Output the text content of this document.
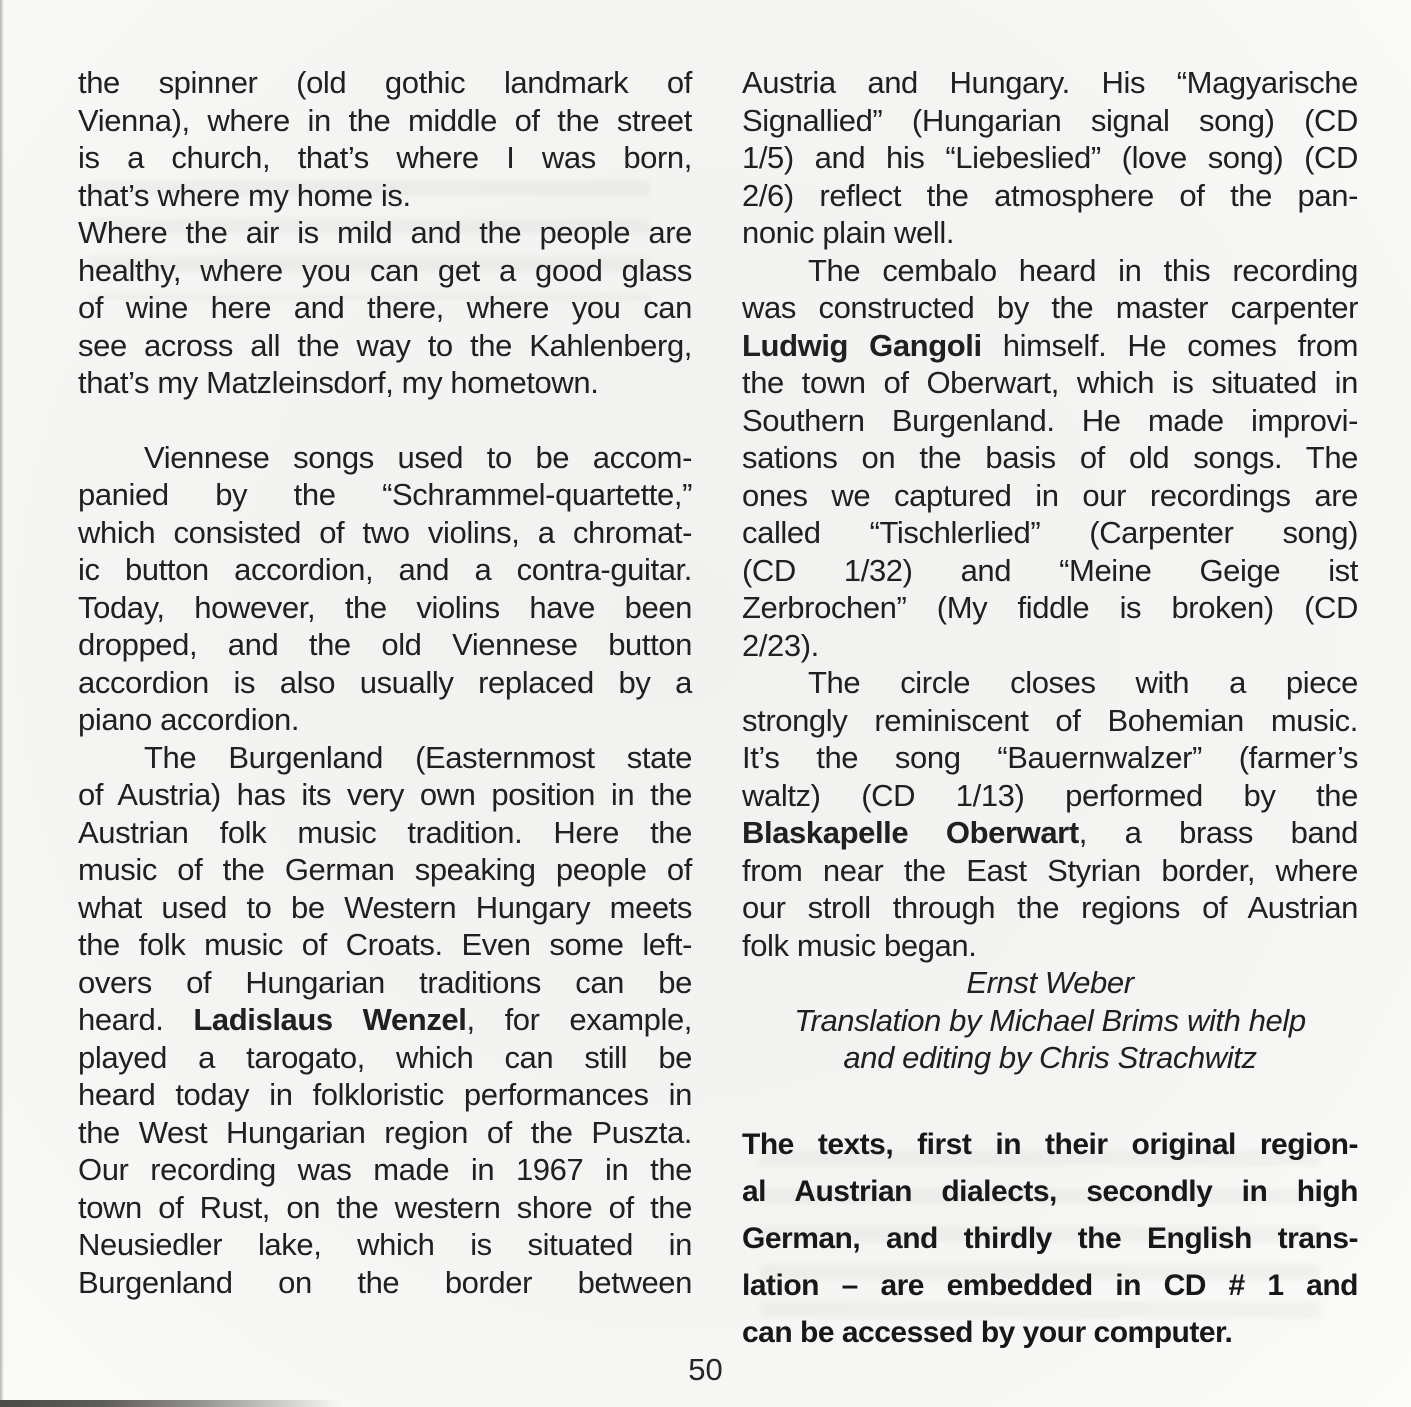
the spinner (old gothic landmark of
Vienna), where in the middle of the street
is a church, that’s where I was born,
that’s where my home is.
Where the air is mild and the people are
healthy, where you can get a good glass
of wine here and there, where you can
see across all the way to the Kahlenberg,
that’s my Matzleinsdorf, my hometown.
Viennese songs used to be accom-
panied by the “Schrammel-quartette,”
which consisted of two violins, a chromat-
ic button accordion, and a contra-guitar.
Today, however, the violins have been
dropped, and the old Viennese button
accordion is also usually replaced by a
piano accordion.
The Burgenland (Easternmost state
of Austria) has its very own position in the
Austrian folk music tradition. Here the
music of the German speaking people of
what used to be Western Hungary meets
the folk music of Croats. Even some left-
overs of Hungarian traditions can be
heard. Ladislaus Wenzel, for example,
played a tarogato, which can still be
heard today in folkloristic performances in
the West Hungarian region of the Puszta.
Our recording was made in 1967 in the
town of Rust, on the western shore of the
Neusiedler lake, which is situated in
Burgenland on the border between
Austria and Hungary. His “Magyarische
Signallied” (Hungarian signal song) (CD
1/5) and his “Liebeslied” (love song) (CD
2/6) reflect the atmosphere of the pan-
nonic plain well.
The cembalo heard in this recording
was constructed by the master carpenter
Ludwig Gangoli himself. He comes from
the town of Oberwart, which is situated in
Southern Burgenland. He made improvi-
sations on the basis of old songs. The
ones we captured in our recordings are
called “Tischlerlied” (Carpenter song)
(CD 1/32) and “Meine Geige ist
Zerbrochen” (My fiddle is broken) (CD
2/23).
The circle closes with a piece
strongly reminiscent of Bohemian music.
It’s the song “Bauernwalzer” (farmer’s
waltz) (CD 1/13) performed by the
Blaskapelle Oberwart, a brass band
from near the East Styrian border, where
our stroll through the regions of Austrian
folk music began.
Ernst Weber
Translation by Michael Brims with help
and editing by Chris Strachwitz
The texts, first in their original region-
al Austrian dialects, secondly in high
German, and thirdly the English trans-
lation – are embedded in CD # 1 and
can be accessed by your computer.
50
